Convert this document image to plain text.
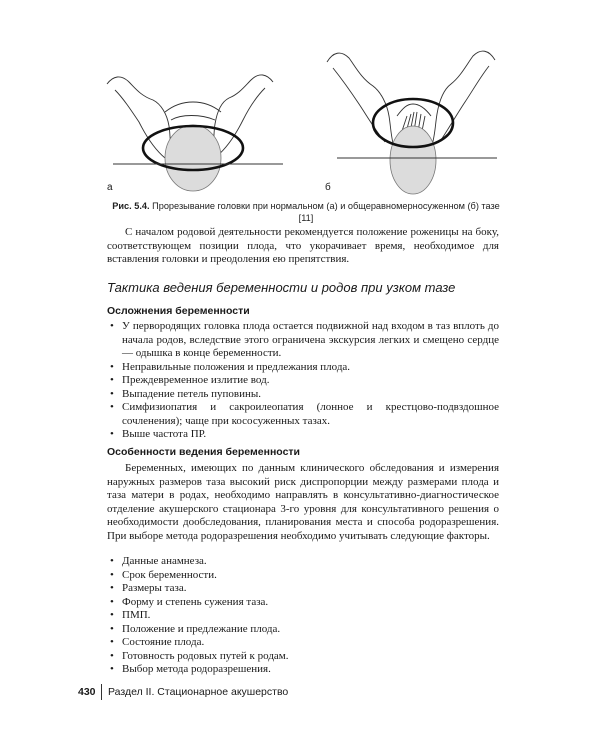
а	б
Рис. 5.4. Прорезывание головки при нормальном (а) и общеравномерносуженном (б) тазе [11]

С началом родовой деятельности рекомендуется положение роженицы на боку, соответствующем позиции плода, что укорачивает время, необходимое для вставления головки и преодоления ею препятствия.

Тактика ведения беременности и родов при узком тазе
Осложнения беременности
• У первородящих головка плода остается подвижной над входом в таз вплоть до начала родов, вследствие этого ограничена экскурсия легких и смещено сердце — одышка в конце беременности.
• Неправильные положения и предлежания плода.
• Преждевременное излитие вод.
• Выпадение петель пуповины.
• Симфизиопатия и сакроилеопатия (лонное и крестцово-подвздошное сочленения); чаще при кососуженных тазах.
• Выше частота ПР.
Особенности ведения беременности

Беременных, имеющих по данным клинического обследования и измерения наружных размеров таза высокий риск диспропорции между размерами плода и таза матери в родах, необходимо направлять в консультативно-диагностическое отделение акушерского стационара 3-го уровня для консультативного решения о необходимости дообследования, планирования места и способа родоразрешения. При выборе метода родоразрешения необходимо учитывать следующие факторы.

• Данные анамнеза.
• Срок беременности.
• Размеры таза.
• Форму и степень сужения таза.
• ПМП.
• Положение и предлежание плода.
• Состояние плода.
• Готовность родовых путей к родам.
• Выбор метода родоразрешения.
430 Раздел II. Стационарное акушерство
